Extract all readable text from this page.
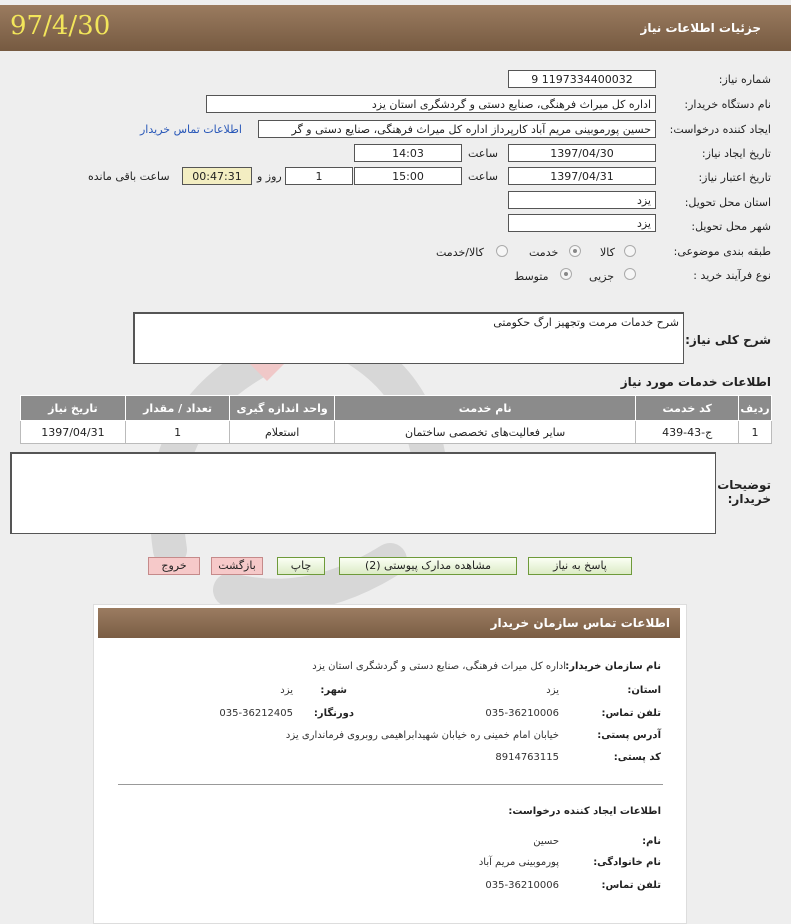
جزئیات اطلاعات نیاز
97/4/30
شماره نیاز:
1197334400032 9
نام دستگاه خریدار:
اداره کل میراث فرهنگی، صنایع دستی و گردشگری استان یزد
ایجاد کننده درخواست:
حسین پورموبینی مریم آباد کارپرداز اداره کل میراث فرهنگی، صنایع دستی و گر
اطلاعات تماس خریدار
تاریخ ایجاد نیاز:
1397/04/30
ساعت
14:03
تاریخ اعتبار نیاز:
1397/04/31
ساعت
15:00
1
روز و
00:47:31
ساعت باقی مانده
استان محل تحویل:
یزد
شهر محل تحویل:
یزد
طبقه بندی موضوعی:
کالا
خدمت
کالا/خدمت
نوع فرآیند خرید :
جزیی
متوسط
شرح کلی نیاز:
شرح خدمات مرمت وتجهیز ارگ حکومتی
اطلاعات خدمات مورد نیاز
ردیف	کد خدمت	نام خدمت	واحد اندازه گیری	تعداد / مقدار	تاریخ نیاز
1	ج-43-439	سایر فعالیت‌های تخصصی ساختمان	استعلام	1	1397/04/31
توضیحات خریدار:
پاسخ به نیاز
مشاهده مدارک پیوستی (2)
چاپ
بازگشت
خروج
اطلاعات تماس سازمان خریدار
نام سازمان خریدار:
اداره کل میراث فرهنگی، صنایع دستی و گردشگری استان یزد
استان:
یزد
شهر:
یزد
تلفن تماس:
035-36210006
دورنگار:
035-36212405
آدرس پستی:
خیابان امام خمینی ره خیابان شهیدابراهیمی روبروی فرمانداری یزد
کد پستی:
8914763115
اطلاعات ایجاد کننده درخواست:
نام:
حسین
نام خانوادگی:
پورموبینی مریم آباد
تلفن تماس:
035-36210006
